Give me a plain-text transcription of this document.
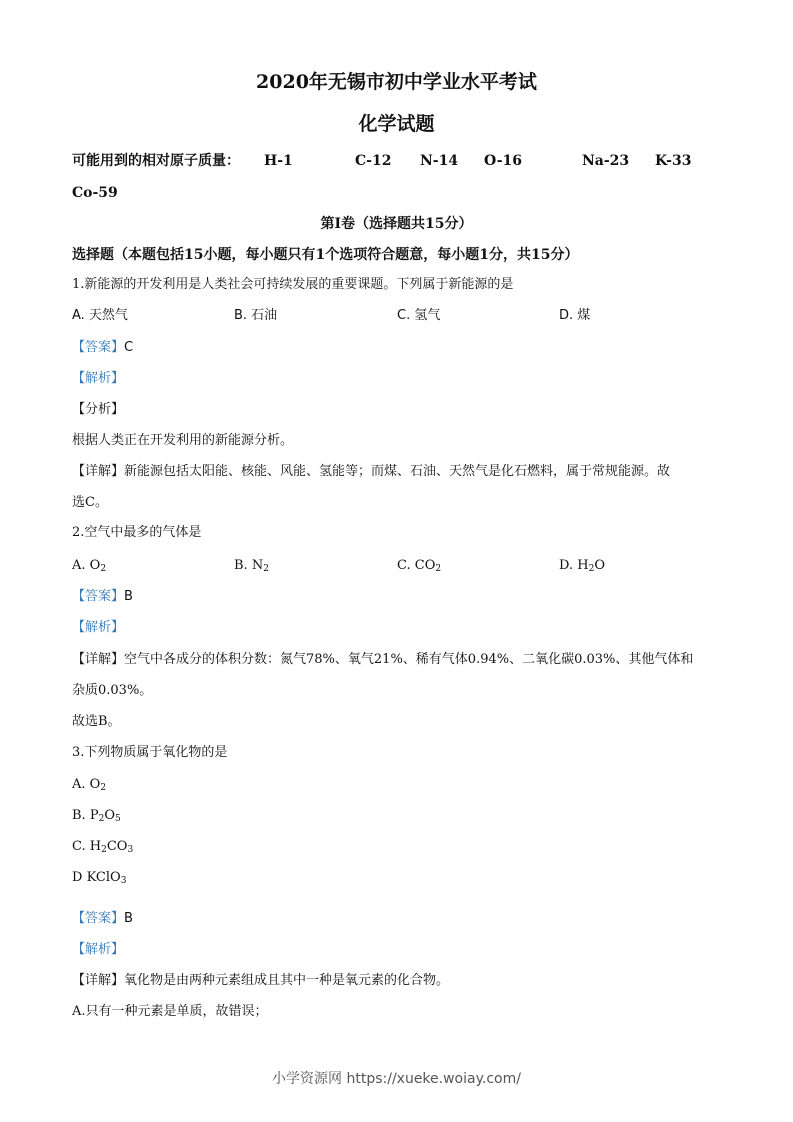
2020年无锡市初中学业水平考试
化学试题
可能用到的相对原子质量： H-1	C-12 N-14 O-16	Na-23 K-33
Co-59
第I卷（选择题共15分）
选择题（本题包括15小题，每小题只有1个选项符合题意，每小题1分，共15分）
1.新能源的开发利用是人类社会可持续发展的重要课题。下列属于新能源的是
A. 天然气	B. 石油	C. 氢气	D. 煤
【答案】C
【解析】
【分析】
根据人类正在开发利用的新能源分析。
【详解】新能源包括太阳能、核能、风能、氢能等；而煤、石油、天然气是化石燃料，属于常规能源。故
选C。
2.空气中最多的气体是
A. $O_2$	B. $N_2$	C. $CO_2$	D. $H_2O$
【答案】B
【解析】
【详解】空气中各成分的体积分数：氮气78%、氧气21%、稀有气体0.94%、二氧化碳0.03%、其他气体和
杂质0.03%。
故选B。
3.下列物质属于氧化物的是
A. $O_2$
B. $P_2O_5$
C. $H_2CO_3$
D KClO$_3$
【答案】B
【解析】
【详解】氧化物是由两种元素组成且其中一种是氧元素的化合物。
A.只有一种元素是单质，故错误；
小学资源网 https://xueke.woiay.com/
